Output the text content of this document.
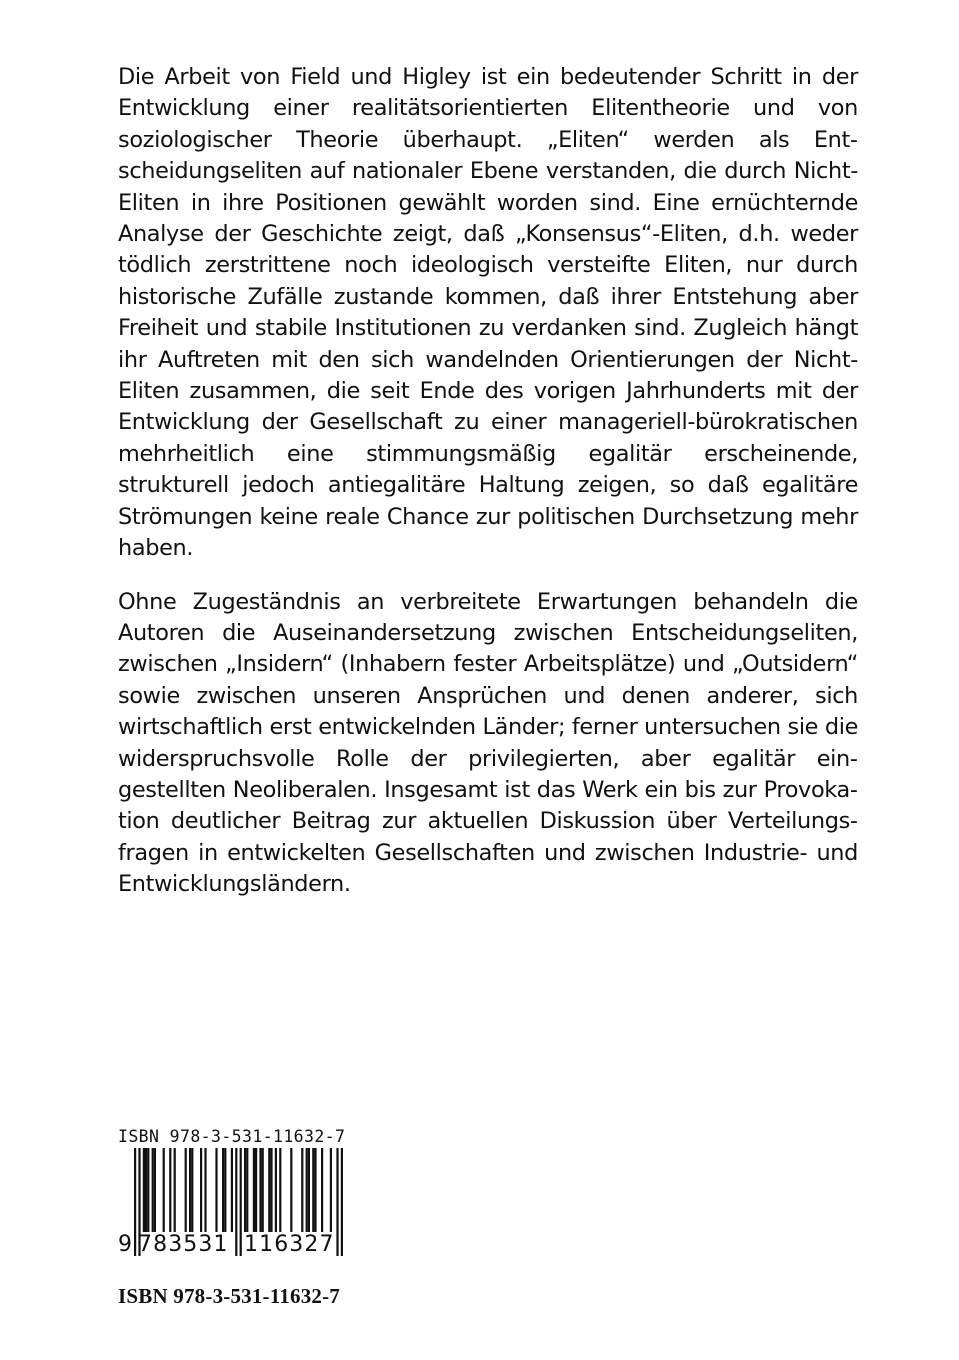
Die Arbeit von Field und Higley ist ein bedeutender Schritt in der Entwicklung einer realitätsorientierten Elitentheorie und von soziologischer Theorie überhaupt. „Eliten“ werden als Entscheidungseliten auf nationaler Ebene verstanden, die durch Nicht-Eliten in ihre Positionen gewählt worden sind. Eine ernüchternde Analyse der Geschichte zeigt, daß „Konsensus“-Eliten, d.h. weder tödlich zerstrittene noch ideologisch versteifte Eliten, nur durch historische Zufälle zustande kommen, daß ihrer Entstehung aber Freiheit und stabile Institutionen zu verdanken sind. Zugleich hängt ihr Auftreten mit den sich wandelnden Orientierungen der Nicht-Eliten zusammen, die seit Ende des vorigen Jahrhunderts mit der Entwicklung der Gesellschaft zu einer manageriell-bürokratischen mehrheitlich eine stimmungsmäßig egalitär erscheinende, strukturell jedoch antiegalitäre Haltung zeigen, so daß egalitäre Strömungen keine reale Chance zur politischen Durchsetzung mehr haben.

Ohne Zugeständnis an verbreitete Erwartungen behandeln die Autoren die Auseinandersetzung zwischen Entscheidungseliten, zwischen „Insidern“ (Inhabern fester Arbeitsplätze) und „Outsidern“ sowie zwischen unseren Ansprüchen und denen anderer, sich wirtschaftlich erst entwickelnden Länder; ferner untersuchen sie die widerspruchsvolle Rolle der privilegierten, aber egalitär eingestellten Neoliberalen. Insgesamt ist das Werk ein bis zur Provokation deutlicher Beitrag zur aktuellen Diskussion über Verteilungsfragen in entwickelten Gesellschaften und zwischen Industrie- und Entwicklungsländern.

ISBN 978-3-531-11632-7
9 783531 116327
ISBN 978-3-531-11632-7
